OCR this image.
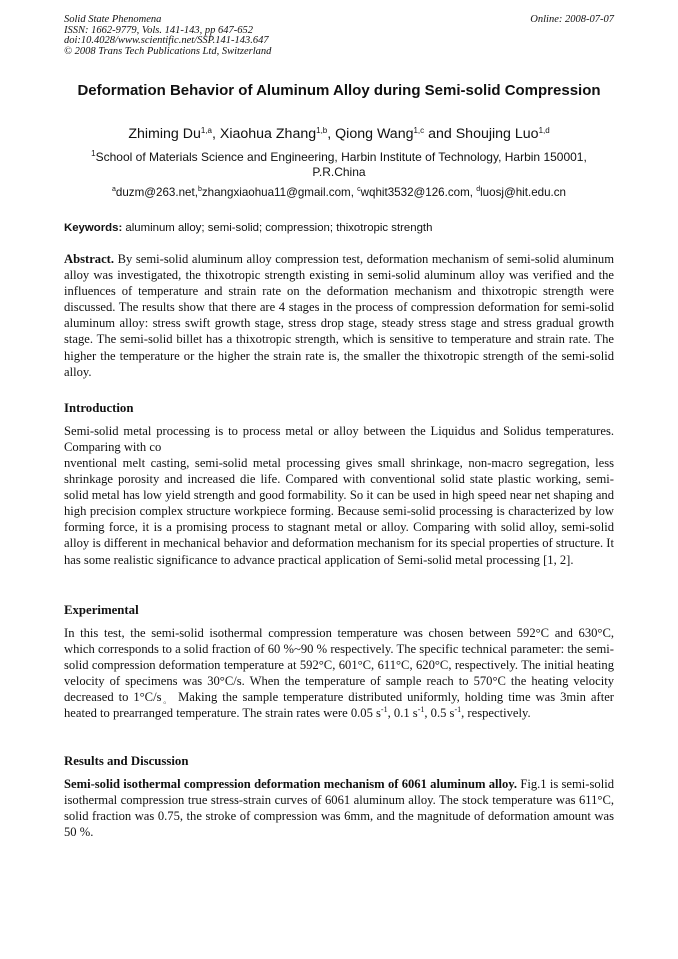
Solid State Phenomena
ISSN: 1662-9779, Vols. 141-143, pp 647-652
doi:10.4028/www.scientific.net/SSP.141-143.647
© 2008 Trans Tech Publications Ltd, Switzerland
Online: 2008-07-07
Deformation Behavior of Aluminum Alloy during Semi-solid Compression
Zhiming Du$^{1,a}$, Xiaohua Zhang$^{1,b}$, Qiong Wang$^{1,c}$ and Shoujing Luo$^{1,d}$
$^1$School of Materials Science and Engineering, Harbin Institute of Technology, Harbin 150001, P.R.China
$^a$duzm@263.net,$^b$zhangxiaohua11@gmail.com, $^c$wqhit3532@126.com, $^d$luosj@hit.edu.cn
Keywords: aluminum alloy; semi-solid; compression; thixotropic strength
Abstract. By semi-solid aluminum alloy compression test, deformation mechanism of semi-solid aluminum alloy was investigated, the thixotropic strength existing in semi-solid aluminum alloy was verified and the influences of temperature and strain rate on the deformation mechanism and thixotropic strength were discussed. The results show that there are 4 stages in the process of compression deformation for semi-solid aluminum alloy: stress swift growth stage, stress drop stage, steady stress stage and stress gradual growth stage. The semi-solid billet has a thixotropic strength, which is sensitive to temperature and strain rate. The higher the temperature or the higher the strain rate is, the smaller the thixotropic strength of the semi-solid alloy.
Introduction
Semi-solid metal processing is to process metal or alloy between the Liquidus and Solidus temperatures. Comparing with co
nventional melt casting, semi-solid metal processing gives small shrinkage, non-macro segregation, less shrinkage porosity and increased die life. Compared with conventional solid state plastic working, semi-solid metal has low yield strength and good formability. So it can be used in high speed near net shaping and high precision complex structure workpiece forming. Because semi-solid processing is characterized by low forming force, it is a promising process to stagnant metal or alloy. Comparing with solid alloy, semi-solid alloy is different in mechanical behavior and deformation mechanism for its special properties of structure. It has some realistic significance to advance practical application of Semi-solid metal processing [1, 2].
Experimental
In this test, the semi-solid isothermal compression temperature was chosen between 592°C and 630°C, which corresponds to a solid fraction of 60 %~90 % respectively. The specific technical parameter: the semi-solid compression deformation temperature at 592°C, 601°C, 611°C, 620°C, respectively. The initial heating velocity of specimens was 30°C/s. When the temperature of sample reach to 570°C the heating velocity decreased to $1^\circ C/s_。$ Making the sample temperature distributed uniformly, holding time was 3min after heated to prearranged temperature. The strain rates were 0.05 $s^{-1}$, 0.1 $s^{-1}$, 0.5 $s^{-1}$, respectively.
Results and Discussion
Semi-solid isothermal compression deformation mechanism of 6061 aluminum alloy. Fig.1 is semi-solid isothermal compression true stress-strain curves of 6061 aluminum alloy. The stock temperature was 611°C, solid fraction was 0.75, the stroke of compression was 6mm, and the magnitude of deformation amount was 50 %.
